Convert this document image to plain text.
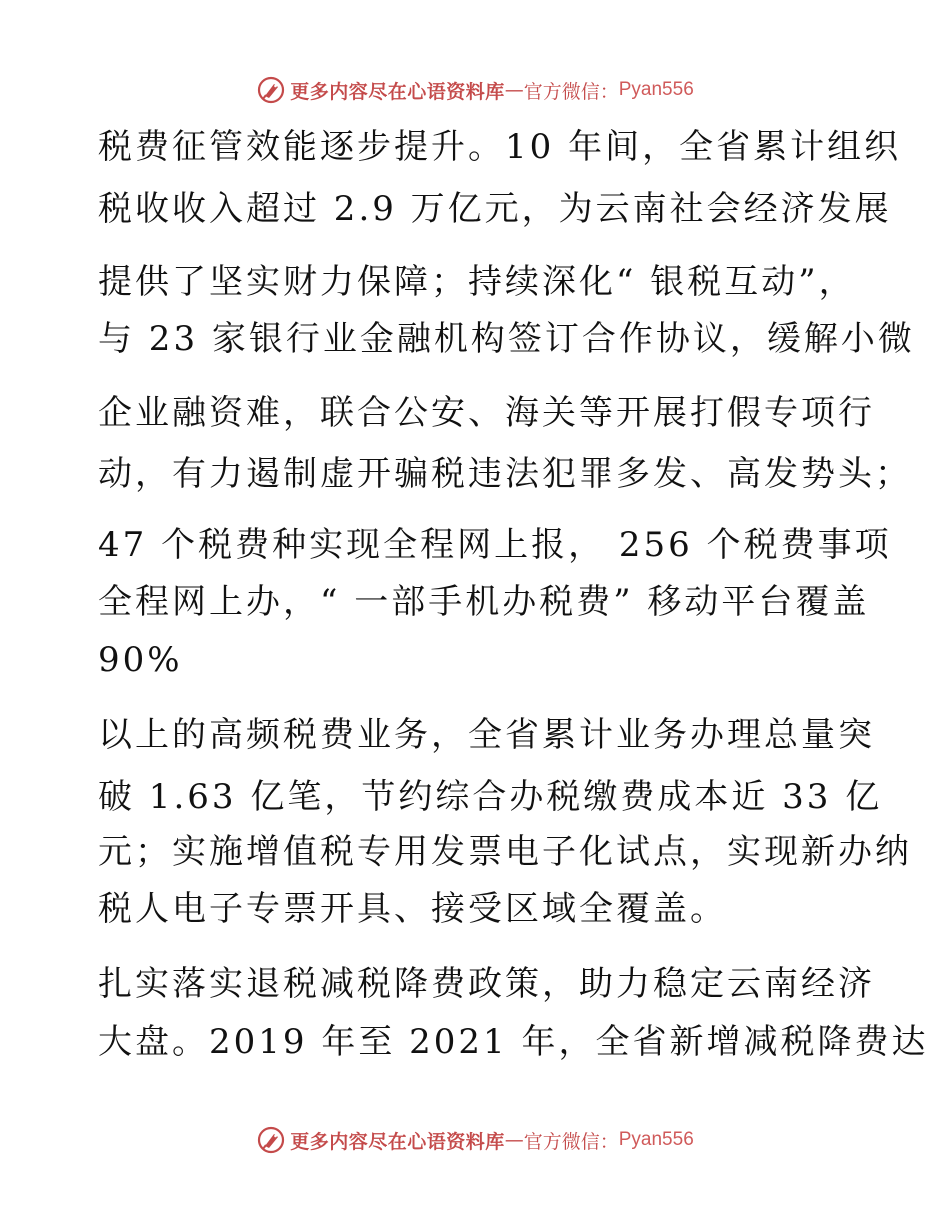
更多内容尽在心语资料库 — 官方微信： Pyan556
税费征管效能逐步提升。10 年间，全省累计组织
税收收入超过 2.9 万亿元，为云南社会经济发展
提供了坚实财力保障；持续深化“ 银税互动”，
与 23 家银行业金融机构签订合作协议，缓解小微
企业融资难，联合公安、海关等开展打假专项行
动，有力遏制虚开骗税违法犯罪多发、高发势头；
47 个税费种实现全程网上报， 256 个税费事项
全程网上办，“ 一部手机办税费” 移动平台覆盖
90%
以上的高频税费业务，全省累计业务办理总量突
破 1.63 亿笔，节约综合办税缴费成本近 33 亿
元；实施增值税专用发票电子化试点，实现新办纳
税人电子专票开具、接受区域全覆盖。
扎实落实退税减税降费政策，助力稳定云南经济
大盘。2019 年至 2021 年，全省新增减税降费达
更多内容尽在心语资料库 — 官方微信： Pyan556
